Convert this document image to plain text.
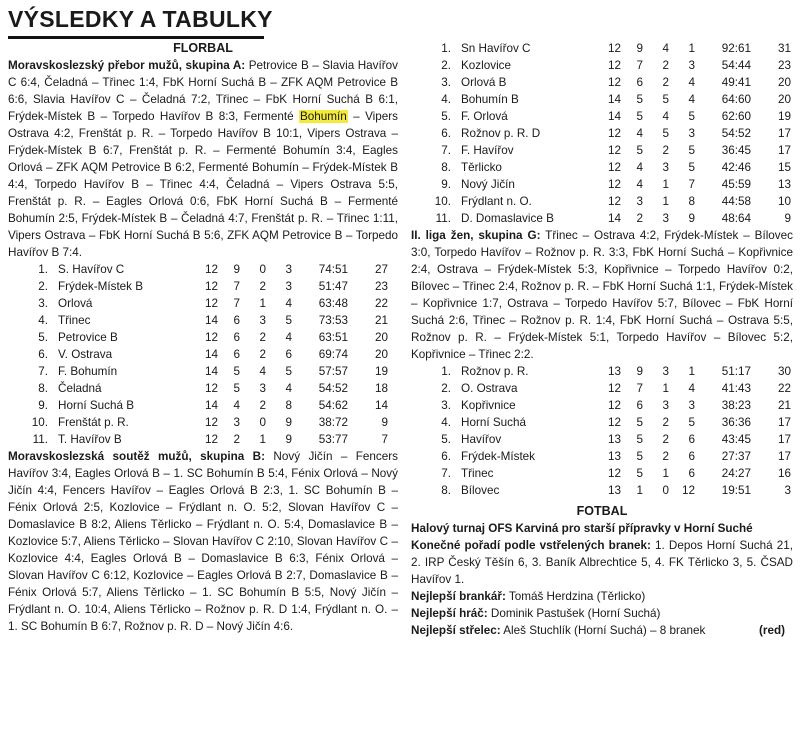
VÝSLEDKY A TABULKY

FLORBAL

Moravskoslezský přebor mužů, skupina A: Petrovice B – Slavia Havířov C 6:4, Čeladná – Třinec 1:4, FbK Horní Suchá B – ZFK AQM Petrovice B 6:6, Slavia Havířov C – Čeladná 7:2, Třinec – FbK Horní Suchá B 6:1, Frýdek-Místek B – Torpedo Havířov B 8:3, Fermenté Bohumín – Vipers Ostrava 4:2, Frenštát p. R. – Torpedo Havířov B 10:1, Vipers Ostrava – Frýdek-Místek B 6:7, Frenštát p. R. – Fermenté Bohumín 3:4, Eagles Orlová – ZFK AQM Petrovice B 6:2, Fermenté Bohumín – Frýdek-Místek B 4:4, Torpedo Havířov B – Třinec 4:4, Čeladná – Vipers Ostrava 5:5, Frenštát p. R. – Eagles Orlová 0:6, FbK Horní Suchá B – Fermenté Bohumín 2:5, Frýdek-Místek B – Čeladná 4:7, Frenštát p. R. – Třinec 1:11, Vipers Ostrava – FbK Horní Suchá B 5:6, ZFK AQM Petrovice B – Torpedo Havířov B 7:4.

1.	S. Havířov C	12	9	0	3	74:51	27
2.	Frýdek-Místek B	12	7	2	3	51:47	23
3.	Orlová	12	7	1	4	63:48	22
4.	Třinec	14	6	3	5	73:53	21
5.	Petrovice B	12	6	2	4	63:51	20
6.	V. Ostrava	14	6	2	6	69:74	20
7.	F. Bohumín	14	5	4	5	57:57	19
8.	Čeladná	12	5	3	4	54:52	18
9.	Horní Suchá B	14	4	2	8	54:62	14
10.	Frenštát p. R.	12	3	0	9	38:72	9
11.	T. Havířov B	12	2	1	9	53:77	7

Moravskoslezská soutěž mužů, skupina B: Nový Jičín – Fencers Havířov 3:4, Eagles Orlová B – 1. SC Bohumín B 5:4, Fénix Orlová – Nový Jičín 4:4, Fencers Havířov – Eagles Orlová B 2:3, 1. SC Bohumín B – Fénix Orlová 2:5, Kozlovice – Frýdlant n. O. 5:2, Slovan Havířov C – Domaslavice B 8:2, Aliens Těrlicko – Frýdlant n. O. 5:4, Domaslavice B – Kozlovice 5:7, Aliens Těrlicko – Slovan Havířov C 2:10, Slovan Havířov C – Kozlovice 4:4, Eagles Orlová B – Domaslavice B 6:3, Fénix Orlová – Slovan Havířov C 6:12, Kozlovice – Eagles Orlová B 2:7, Domaslavice B – Fénix Orlová 5:7, Aliens Těrlicko – 1. SC Bohumín B 5:5, Nový Jičín – Frýdlant n. O. 10:4, Aliens Těrlicko – Rožnov p. R. D 1:4, Frýdlant n. O. – 1. SC Bohumín B 6:7, Rožnov p. R. D – Nový Jičín 4:6.

1.	Sn Havířov C	12	9	4	1	92:61	31
2.	Kozlovice	12	7	2	3	54:44	23
3.	Orlová B	12	6	2	4	49:41	20
4.	Bohumín B	14	5	5	4	64:60	20
5.	F. Orlová	14	5	4	5	62:60	19
6.	Rožnov p. R. D	12	4	5	3	54:52	17
7.	F. Havířov	12	5	2	5	36:45	17
8.	Těrlicko	12	4	3	5	42:46	15
9.	Nový Jičín	12	4	1	7	45:59	13
10.	Frýdlant n. O.	12	3	1	8	44:58	10
11.	D. Domaslavice B	14	2	3	9	48:64	9

II. liga žen, skupina G: Třinec – Ostrava 4:2, Frýdek-Místek – Bílovec 3:0, Torpedo Havířov – Rožnov p. R. 3:3, FbK Horní Suchá – Kopřivnice 2:4, Ostrava – Frýdek-Místek 5:3, Kopřivnice – Torpedo Havířov 0:2, Bílovec – Třinec 2:4, Rožnov p. R. – FbK Horní Suchá 1:1, Frýdek-Místek – Kopřivnice 1:7, Ostrava – Torpedo Havířov 5:7, Bílovec – FbK Horní Suchá 2:6, Třinec – Rožnov p. R. 1:4, FbK Horní Suchá – Ostrava 5:5, Rožnov p. R. – Frýdek-Místek 5:1, Torpedo Havířov – Bílovec 5:2, Kopřivnice – Třinec 2:2.

1.	Rožnov p. R.	13	9	3	1	51:17	30
2.	O. Ostrava	12	7	1	4	41:43	22
3.	Kopřivnice	12	6	3	3	38:23	21
4.	Horní Suchá	12	5	2	5	36:36	17
5.	Havířov	13	5	2	6	43:45	17
6.	Frýdek-Místek	13	5	2	6	27:37	17
7.	Třinec	12	5	1	6	24:27	16
8.	Bílovec	13	1	0	12	19:51	3

FOTBAL

Halový turnaj OFS Karviná pro starší přípravky v Horní Suché

Konečné pořadí podle vstřelených branek: 1. Depos Horní Suchá 21, 2. IRP Český Těšín 6, 3. Baník Albrechtice 5, 4. FK Těrlicko 3, 5. ČSAD Havířov 1.

Nejlepší brankář: Tomáš Herdzina (Těrlicko)

Nejlepší hráč: Dominik Pastušek (Horní Suchá)

Nejlepší střelec: Aleš Stuchlík (Horní Suchá) – 8 branek	(red)
